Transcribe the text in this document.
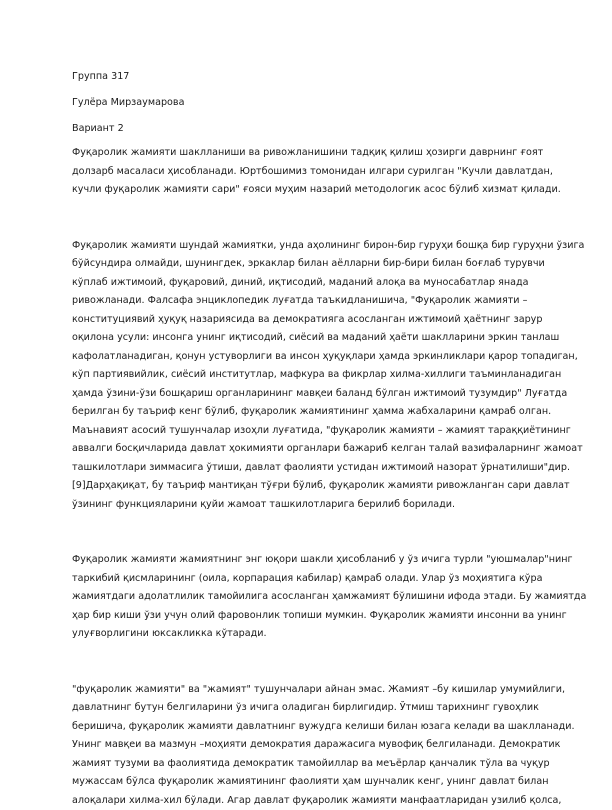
Группа 317

Гулёра Мирзаумарова

Вариант 2

Фуқаролик жамияти шаклланиши ва ривожланишини тадқиқ қилиш ҳозирги даврнинг ғоят

долзарб масаласи ҳисобланади. Юртбошимиз томонидан илгари сурилган "Кучли давлатдан,

кучли фуқаролик жамияти сари" ғояси муҳим назарий методологик асос бўлиб хизмат қилади.

Фуқаролик жамияти шундай жамиятки, унда аҳолининг бирон-бир гуруҳи бошқа бир гуруҳни ўзига

бўйсундира олмайди, шунингдек, эркаклар билан аёлларни бир-бири билан боғлаб турувчи

кўплаб ижтимоий, фуқаровий, диний, иқтисодий, маданий алоқа ва муносабатлар янада

ривожланади. Фалсафа энциклопедик луғатда таъкидланишича, "Фуқаролик жамияти –

конституциявий ҳуқуқ назариясида ва демократияга асосланган ижтимоий ҳаётнинг зарур

оқилона усули: инсонга унинг иқтисодий, сиёсий ва маданий ҳаёти шаклларини эркин танлаш

кафолатланадиган, қонун устуворлиги ва инсон ҳуқуқлари ҳамда эркинликлари қарор топадиган,

кўп партиявийлик, сиёсий институтлар, мафкура ва фикрлар хилма-хиллиги таъминланадиган

ҳамда ўзини-ўзи бошқариш органларининг мавқеи баланд бўлган ижтимоий тузумдир" Луғатда

берилган бу таъриф кенг бўлиб, фуқаролик жамиятининг ҳамма жабхаларини қамраб олган.

Маънавият асосий тушунчалар изоҳли луғатида, "фуқаролик жамияти – жамият тараққиётининг

аввалги босқичларида давлат ҳокимияти органлари бажариб келган талай вазифаларнинг жамоат

ташкилотлари зиммасига ўтиши, давлат фаолияти устидан ижтимоий назорат ўрнатилиши"дир.

[9]Дарҳақиқат, бу таъриф мантиқан тўғри бўлиб, фуқаролик жамияти ривожланган сари давлат

ўзининг функцияларини қуйи жамоат ташкилотларига берилиб борилади.

Фуқаролик жамияти жамиятнинг энг юқори шакли ҳисобланиб у ўз ичига турли "уюшмалар"нинг

таркибий қисмларининг (оила, корпарация кабилар) қамраб олади. Улар ўз моҳиятига кўра

жамиятдаги адолатлилик тамойилига асосланган ҳамжамият бўлишини ифода этади. Бу жамиятда

ҳар бир киши ўзи учун олий фаровонлик топиши мумкин. Фуқаролик жамияти инсонни ва унинг

улуғворлигини юксакликка кўтаради.

"фуқаролик жамияти" ва "жамият" тушунчалари айнан эмас. Жамият –бу кишилар умумийлиги,

давлатнинг бутун белгиларини ўз ичига оладиган бирлигидир. Ўтмиш тарихнинг гувоҳлик

беришича, фуқаролик жамияти давлатнинг вужудга келиши билан юзага келади ва шаклланади.

Унинг мавқеи ва мазмун –моҳияти демократия даражасига мувофиқ белгиланади. Демократик

жамият тузуми ва фаолиятида демократик тамойиллар ва меъёрлар қанчалик тўла ва чуқур

мужассам бўлса фуқаролик жамиятининг фаолияти ҳам шунчалик кенг, унинг давлат билан

алоқалари хилма-хил бўлади. Агар давлат фуқаролик жамияти манфаатларидан узилиб қолса,
